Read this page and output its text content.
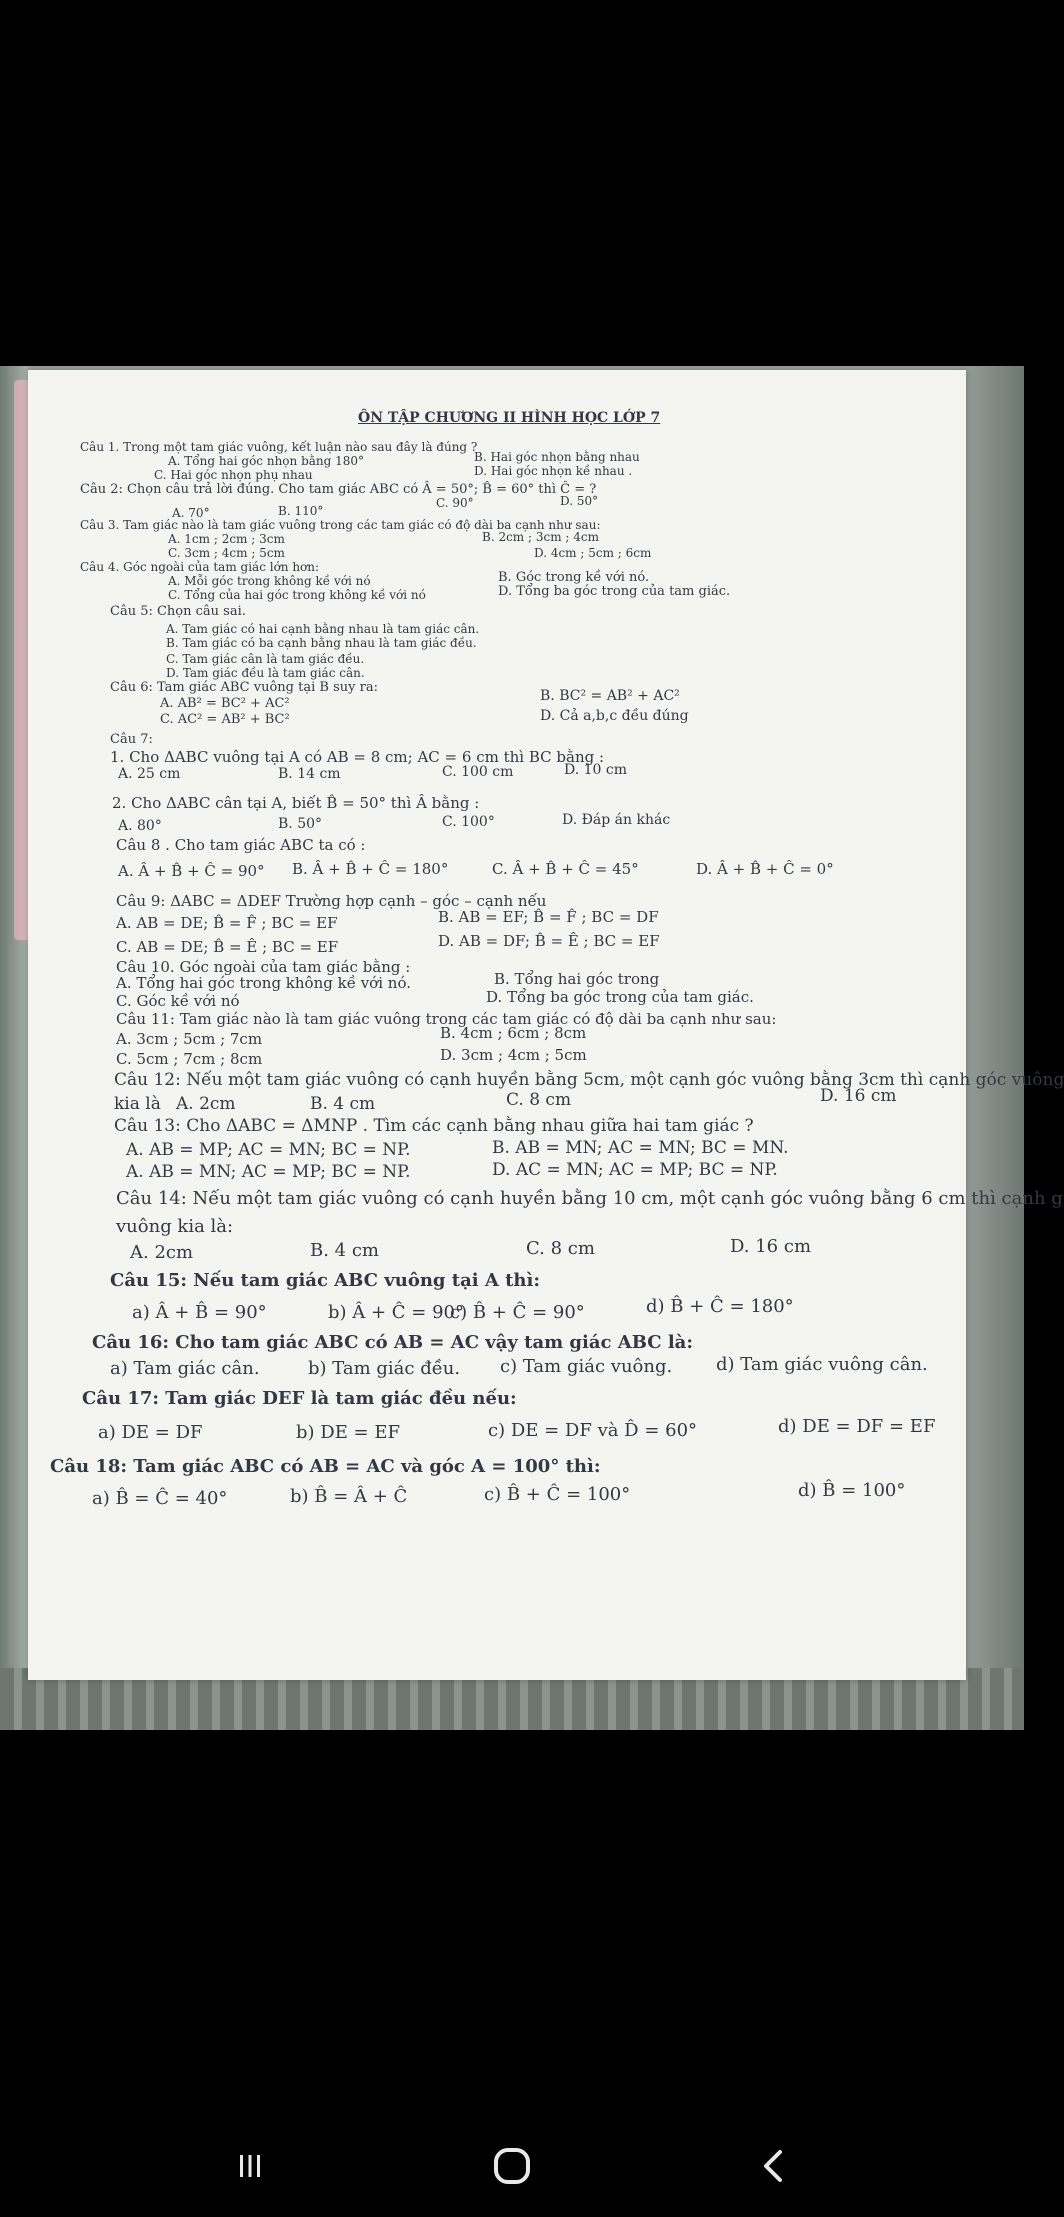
ÔN TẬP CHƯƠNG II HÌNH HỌC LỚP 7
Câu 1. Trong một tam giác vuông, kết luận nào sau đây là đúng ?
A. Tổng hai góc nhọn bằng 180°	B. Hai góc nhọn bằng nhau
C. Hai góc nhọn phụ nhau	D. Hai góc nhọn kề nhau .
Câu 2: Chọn câu trả lời đúng. Cho tam giác ABC có Â = 50°; B̂ = 60° thì Ĉ = ?
A. 70°	B. 110°
C. 90°	D. 50°
Câu 3. Tam giác nào là tam giác vuông trong các tam giác có độ dài ba cạnh như sau:
A. 1cm ; 2cm ; 3cm	B. 2cm ; 3cm ; 4cm
C. 3cm ; 4cm ; 5cm	D. 4cm ; 5cm ; 6cm
Câu 4. Góc ngoài của tam giác lớn hơn:
A. Mỗi góc trong không kề với nó	B. Góc trong kề với nó.
C. Tổng của hai góc trong không kề với nó	D. Tổng ba góc trong của tam giác.
Câu 5: Chọn câu sai.
A. Tam giác có hai cạnh bằng nhau là tam giác cân.
B. Tam giác có ba cạnh bằng nhau là tam giác đều.
C. Tam giác cân là tam giác đều.
D. Tam giác đều là tam giác cân.
Câu 6: Tam giác ABC vuông tại B suy ra:
A. AB² = BC² + AC²	B. BC² = AB² + AC²
C. AC² = AB² + BC²	D. Cả a,b,c đều đúng
Câu 7:
1. Cho ΔABC vuông tại A có AB = 8 cm; AC = 6 cm thì BC bằng :
A. 25 cm	B. 14 cm	C. 100 cm	D. 10 cm
2. Cho ΔABC cân tại A, biết B̂ = 50° thì Â bằng :
A. 80°	B. 50°	C. 100°	D. Đáp án khác
Câu 8 . Cho tam giác ABC ta có :
A. Â + B̂ + Ĉ = 90° B. Â + B̂ + Ĉ = 180°	C. Â + B̂ + Ĉ = 45°	D. Â + B̂ + Ĉ = 0°
Câu 9: ΔABC = ΔDEF Trường hợp cạnh – góc – cạnh nếu
A. AB = DE; B̂ = F̂ ; BC = EF	B. AB = EF; B̂ = F̂ ; BC = DF
C. AB = DE; B̂ = Ê ; BC = EF	D. AB = DF; B̂ = Ê ; BC = EF
Câu 10. Góc ngoài của tam giác bằng :
A. Tổng hai góc trong không kề với nó.	B. Tổng hai góc trong
C. Góc kề với nó	D. Tổng ba góc trong của tam giác.
Câu 11: Tam giác nào là tam giác vuông trong các tam giác có độ dài ba cạnh như sau:
A. 3cm ; 5cm ; 7cm	B. 4cm ; 6cm ; 8cm
C. 5cm ; 7cm ; 8cm	D. 3cm ; 4cm ; 5cm
Câu 12: Nếu một tam giác vuông có cạnh huyền bằng 5cm, một cạnh góc vuông bằng 3cm thì cạnh góc vuông
kia là A. 2cm	B. 4 cm	C. 8 cm	D. 16 cm
Câu 13: Cho ΔABC = ΔMNP . Tìm các cạnh bằng nhau giữa hai tam giác ?
A. AB = MP; AC = MN; BC = NP.	B. AB = MN; AC = MN; BC = MN.
A. AB = MN; AC = MP; BC = NP.	D. AC = MN; AC = MP; BC = NP.
Câu 14: Nếu một tam giác vuông có cạnh huyền bằng 10 cm, một cạnh góc vuông bằng 6 cm thì cạnh g
vuông kia là:
A. 2cm	B. 4 cm	C. 8 cm	D. 16 cm
Câu 15: Nếu tam giác ABC vuông tại A thì:
a) Â + B̂ = 90°	b) Â + Ĉ = 90°
c) B̂ + Ĉ = 90°	d) B̂ + Ĉ = 180°
Câu 16: Cho tam giác ABC có AB = AC vậy tam giác ABC là:
a) Tam giác cân.	b) Tam giác đều. c) Tam giác vuông. d) Tam giác vuông cân.
Câu 17: Tam giác DEF là tam giác đều nếu:
a) DE = DF	b) DE = EF	c) DE = DF và D̂ = 60°	d) DE = DF = EF
Câu 18: Tam giác ABC có AB = AC và góc A = 100° thì:
a) B̂ = Ĉ = 40°	b) B̂ = Â + Ĉ	c) B̂ + Ĉ = 100°	d) B̂ = 100°
